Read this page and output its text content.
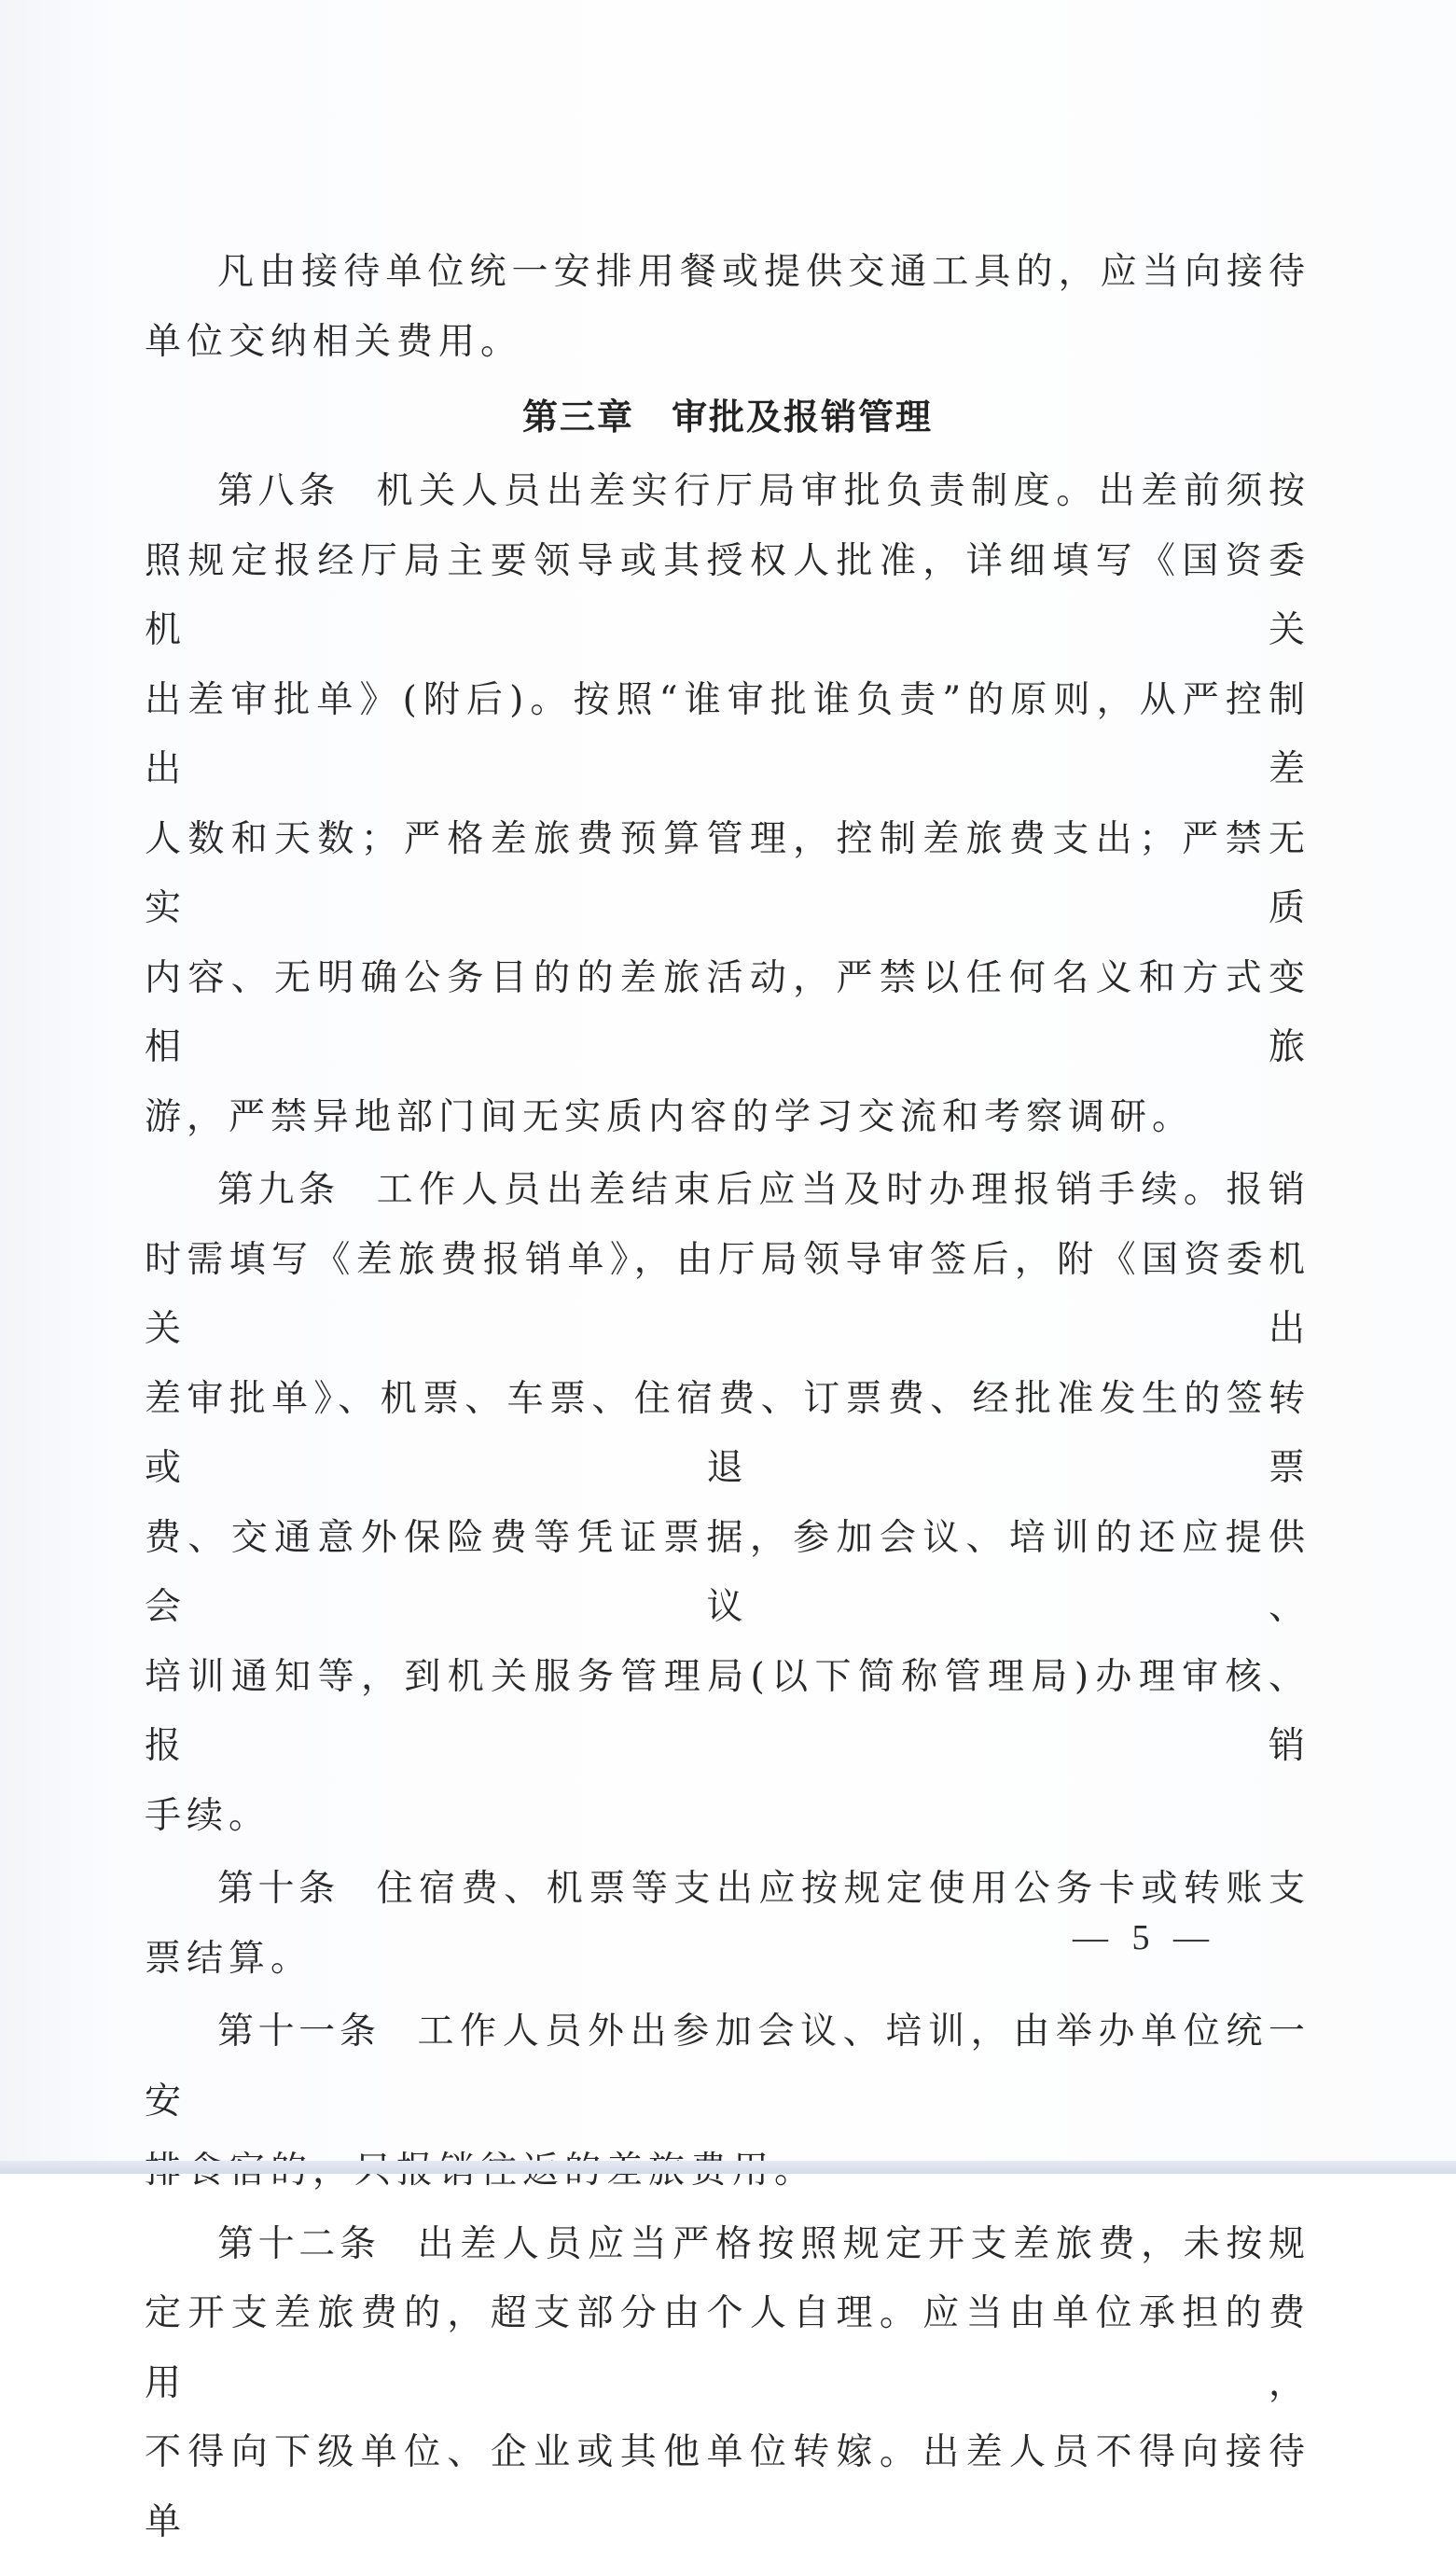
凡由接待单位统一安排用餐或提供交通工具的，应当向接待

单位交纳相关费用。

第三章 审批及报销管理

第八条 机关人员出差实行厅局审批负责制度。出差前须按

照规定报经厅局主要领导或其授权人批准，详细填写《国资委机关

出差审批单》(附后)。按照“谁审批谁负责”的原则，从严控制出差

人数和天数；严格差旅费预算管理，控制差旅费支出；严禁无实质

内容、无明确公务目的的差旅活动，严禁以任何名义和方式变相旅

游，严禁异地部门间无实质内容的学习交流和考察调研。

第九条 工作人员出差结束后应当及时办理报销手续。报销

时需填写《差旅费报销单》，由厅局领导审签后，附《国资委机关出

差审批单》、机票、车票、住宿费、订票费、经批准发生的签转或退票

费、交通意外保险费等凭证票据，参加会议、培训的还应提供会议、

培训通知等，到机关服务管理局(以下简称管理局)办理审核、报销

手续。

第十条 住宿费、机票等支出应按规定使用公务卡或转账支

票结算。

第十一条 工作人员外出参加会议、培训，由举办单位统一安

第十二条 出差人员应当严格按照规定开支差旅费，未按规

定开支差旅费的，超支部分由个人自理。应当由单位承担的费用，

不得向下级单位、企业或其他单位转嫁。出差人员不得向接待单

— 5 —
